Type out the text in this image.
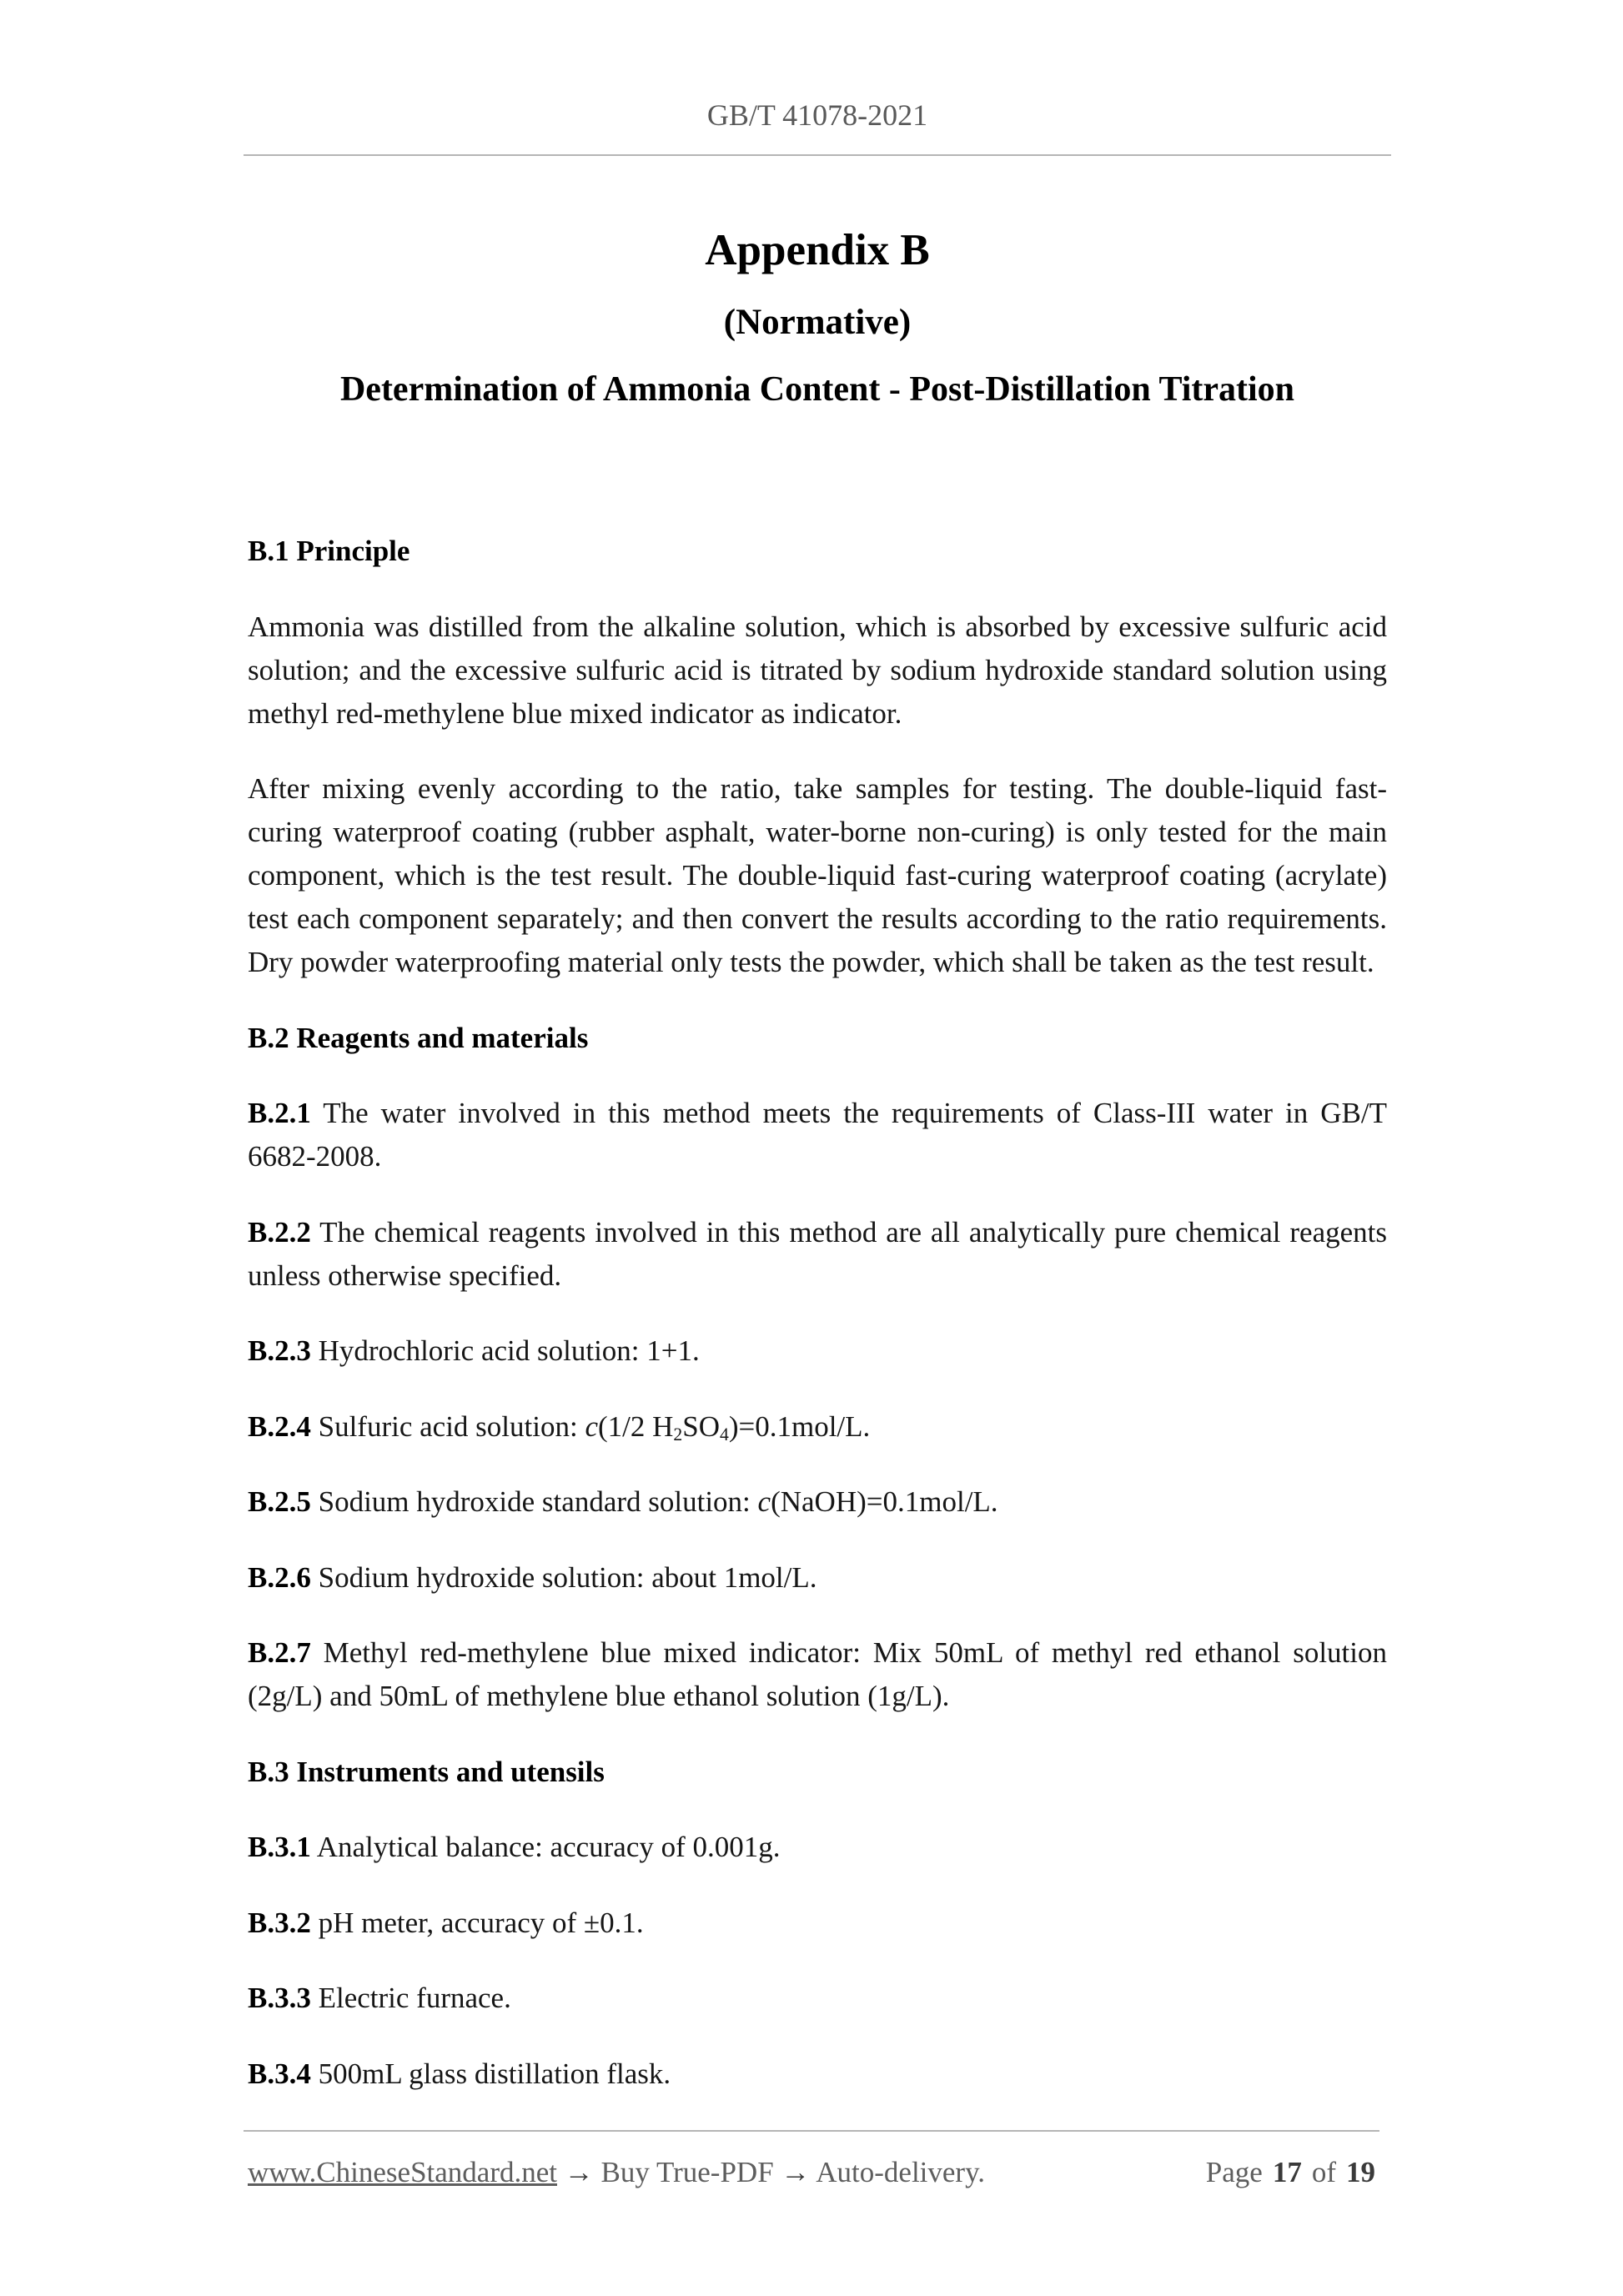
GB/T 41078-2021
Appendix B
(Normative)
Determination of Ammonia Content - Post-Distillation Titration
B.1 Principle
Ammonia was distilled from the alkaline solution, which is absorbed by excessive sulfuric acid
solution; and the excessive sulfuric acid is titrated by sodium hydroxide standard solution using
methyl red-methylene blue mixed indicator as indicator.
After mixing evenly according to the ratio, take samples for testing. The double-liquid fast-
curing waterproof coating (rubber asphalt, water-borne non-curing) is only tested for the main
component, which is the test result. The double-liquid fast-curing waterproof coating (acrylate)
test each component separately; and then convert the results according to the ratio requirements.
Dry powder waterproofing material only tests the powder, which shall be taken as the test result.
B.2 Reagents and materials
B.2.1 The water involved in this method meets the requirements of Class-III water in GB/T
6682-2008.
B.2.2 The chemical reagents involved in this method are all analytically pure chemical reagents
unless otherwise specified.
B.2.3 Hydrochloric acid solution: 1+1.
B.2.4 Sulfuric acid solution: c(1/2 $H_2SO_4)=0.1mol/L$.
B.2.5 Sodium hydroxide standard solution: c(NaOH)=0.1mol/L.
B.2.6 Sodium hydroxide solution: about 1mol/L.
B.2.7 Methyl red-methylene blue mixed indicator: Mix 50mL of methyl red ethanol solution
(2g/L) and 50mL of methylene blue ethanol solution (1g/L).
B.3 Instruments and utensils
B.3.1 Analytical balance: accuracy of 0.001g.
B.3.2 pH meter, accuracy of ±0.1.
B.3.3 Electric furnace.
B.3.4 500mL glass distillation flask.
www.ChineseStandard.net → Buy True-PDF → Auto-delivery.	Page 17 of 19
